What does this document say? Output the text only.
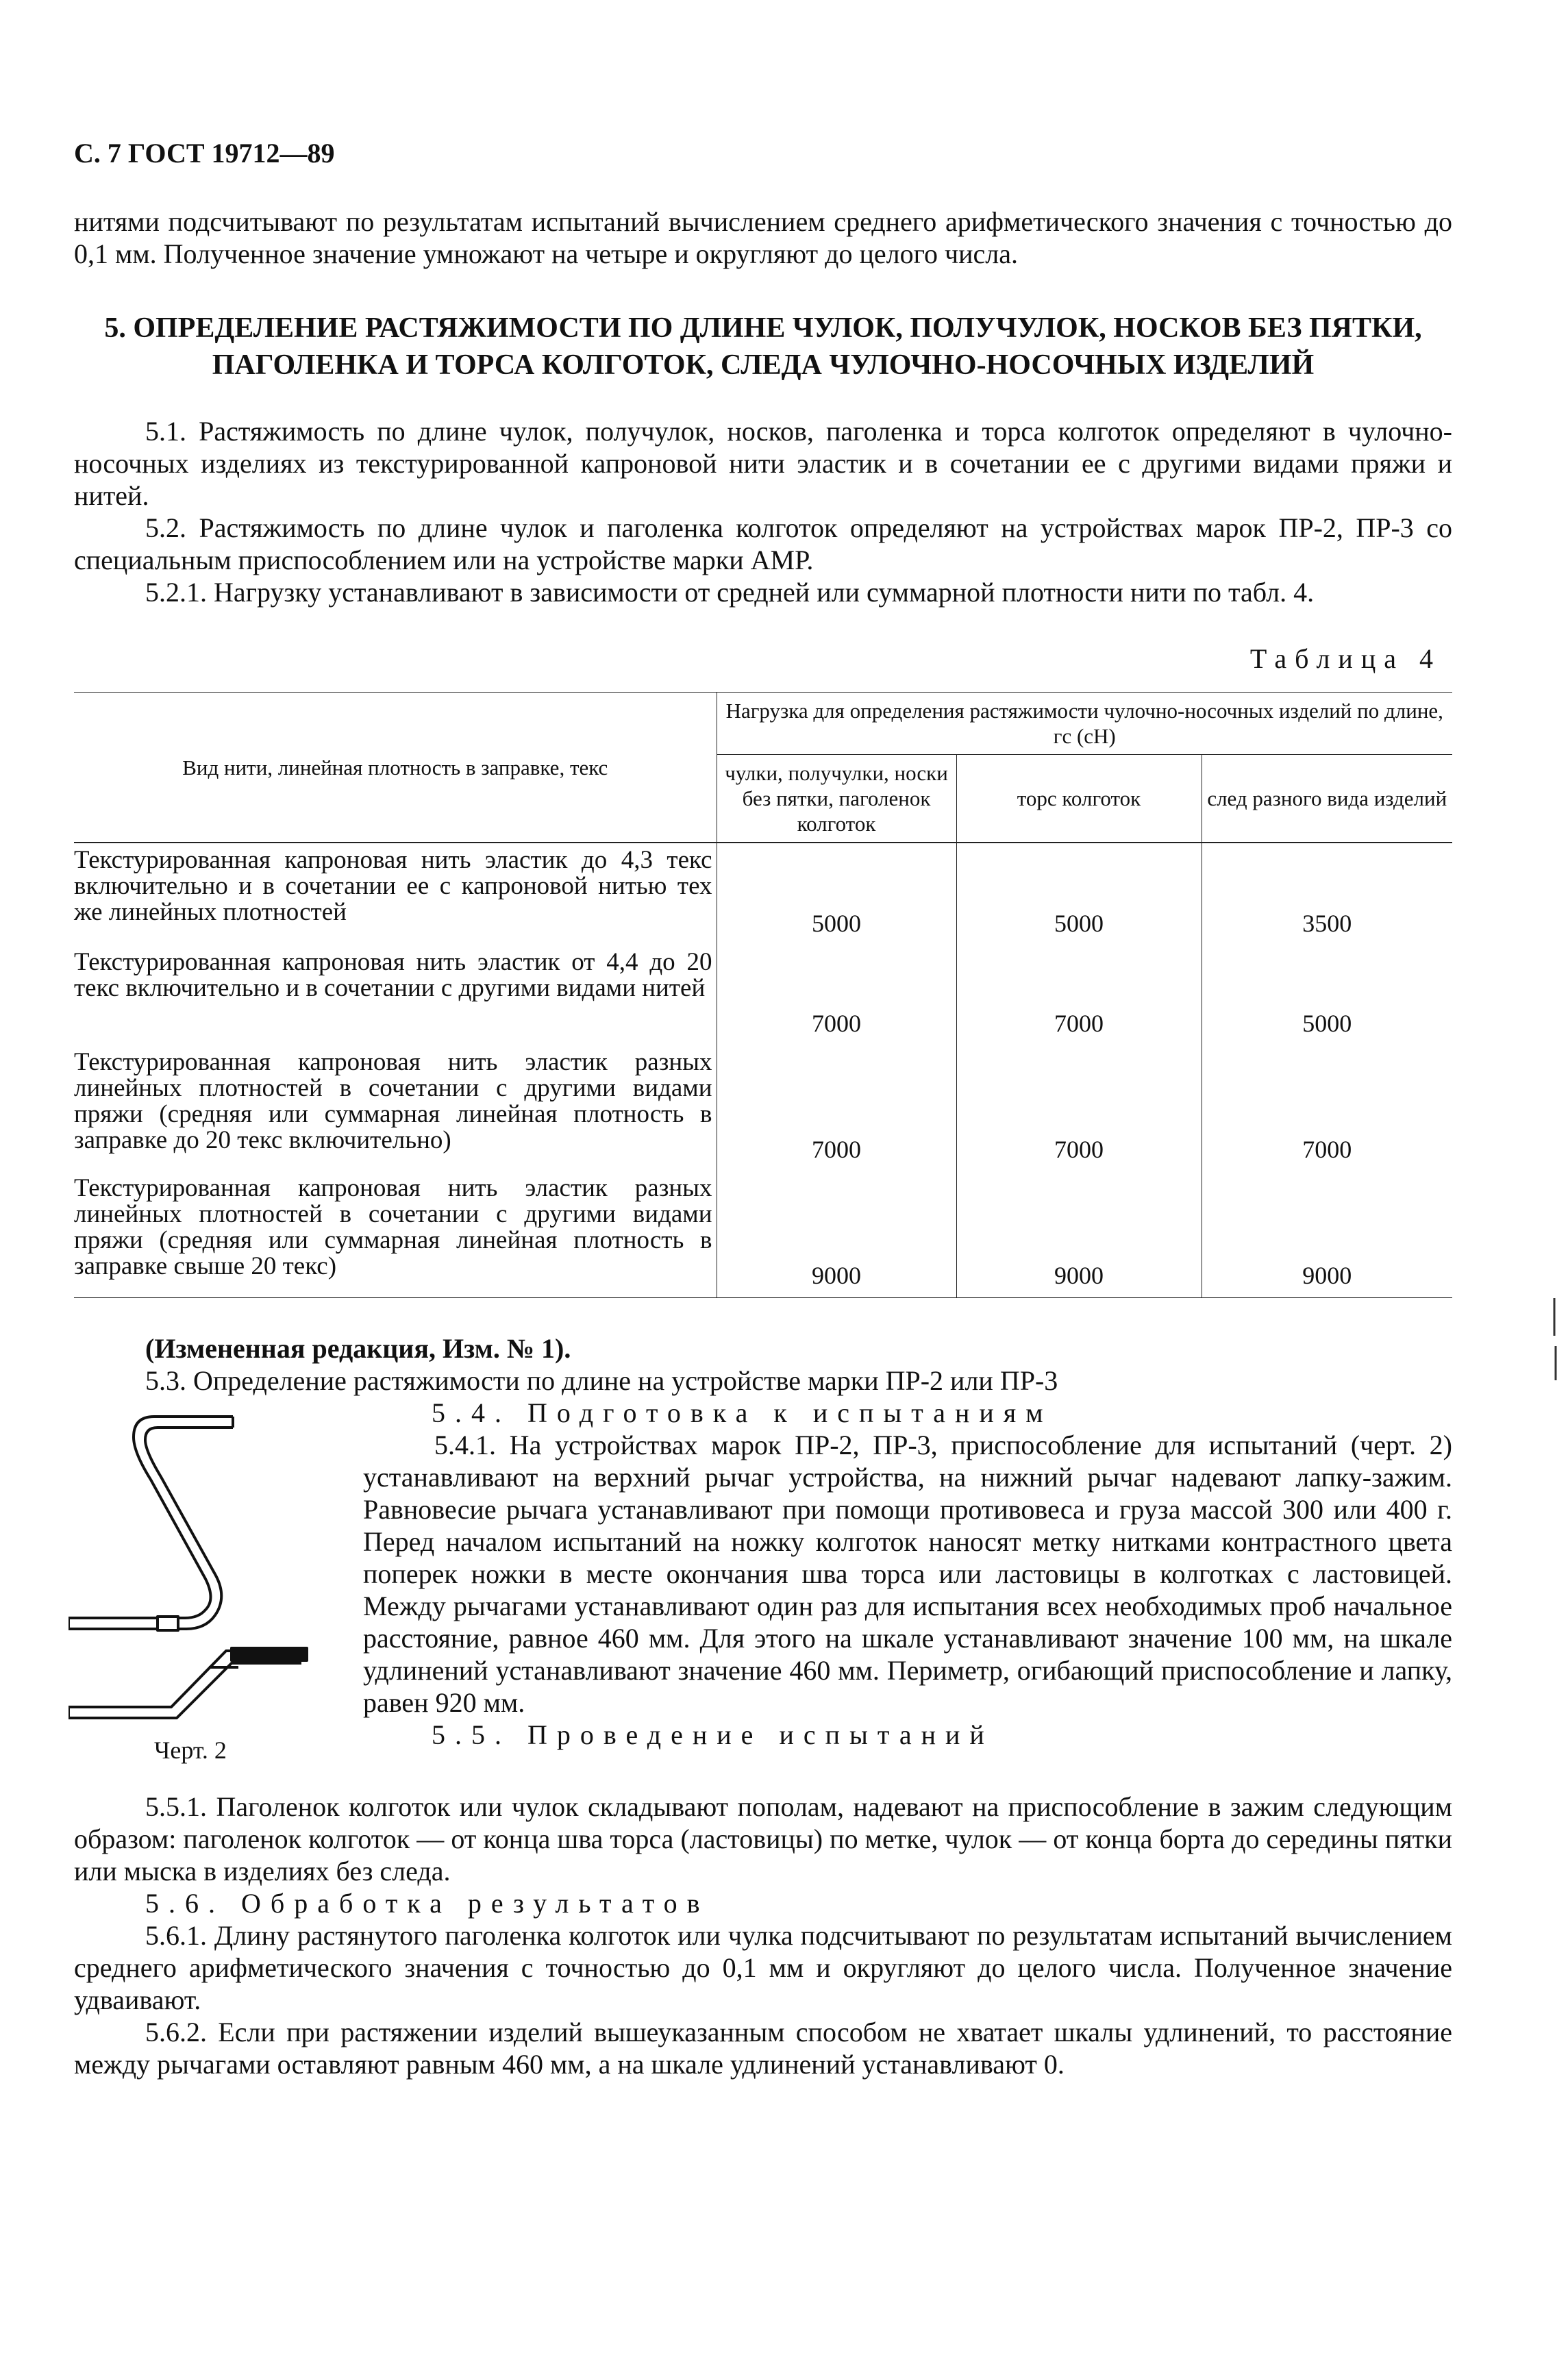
С. 7 ГОСТ 19712—89

нитями подсчитывают по результатам испытаний вычислением среднего арифметического значения с точностью до 0,1 мм. Полученное значение умножают на четыре и округляют до целого числа.

5. ОПРЕДЕЛЕНИЕ РАСТЯЖИМОСТИ ПО ДЛИНЕ ЧУЛОК, ПОЛУЧУЛОК, НОСКОВ БЕЗ ПЯТКИ, ПАГОЛЕНКА И ТОРСА КОЛГОТОК, СЛЕДА ЧУЛОЧНО-НОСОЧНЫХ ИЗДЕЛИЙ

5.1. Растяжимость по длине чулок, получулок, носков, паголенка и торса колготок определяют в чулочно-носочных изделиях из текстурированной капроновой нити эластик и в сочетании ее с другими видами пряжи и нитей.

5.2. Растяжимость по длине чулок и паголенка колготок определяют на устройствах марок ПР-2, ПР-3 со специальным приспособлением или на устройстве марки АМР.

5.2.1. Нагрузку устанавливают в зависимости от средней или суммарной плотности нити по табл. 4.

Таблица 4
Вид нити, линейная плотность в заправке, текс	Нагрузка для определения растяжимости чулочно-носочных изделий по длине, гс (сН)		
	чулки, получулки, носки без пятки, паголенок колготок	торс колготок	след разного вида изделий
Текстурированная капроновая нить эластик до 4,3 текс включительно и в сочетании ее с капроновой нитью тех же линейных плотностей	5000	5000	3500
Текстурированная капроновая нить эластик от 4,4 до 20 текс включительно и в сочетании с другими видами нитей	7000	7000	5000
Текстурированная капроновая нить эластик разных линейных плотностей в сочетании с другими видами пряжи (средняя или суммарная линейная плотность в заправке до 20 текс включительно)	7000	7000	7000
Текстурированная капроновая нить эластик разных линейных плотностей в сочетании с другими видами пряжи (средняя или суммарная линейная плотность в заправке свыше 20 текс)	9000	9000	9000

(Измененная редакция, Изм. № 1).

5.3. Определение растяжимости по длине на устройстве марки ПР-2 или ПР-3

5.4. Подготовка к испытаниям

5.4.1. На устройствах марок ПР-2, ПР-3, приспособление для испытаний (черт. 2) устанавливают на верхний рычаг устройства, на нижний рычаг надевают лапку-зажим. Равновесие рычага устанавливают при помощи противовеса и груза массой 300 или 400 г. Перед началом испытаний на ножку колготок наносят метку нитками контрастного цвета поперек ножки в месте окончания шва торса или ластовицы в колготках с ластовицей. Между рычагами устанавливают один раз для испытания всех необходимых проб начальное расстояние, равное 460 мм. Для этого на шкале устанавливают значение 100 мм, на шкале удлинений устанавливают значение 460 мм. Периметр, огибающий приспособление и лапку, равен 920 мм.

5.5. Проведение испытаний

Черт. 2

5.5.1. Паголенок колготок или чулок складывают пополам, надевают на приспособление в зажим следующим образом: паголенок колготок — от конца шва торса (ластовицы) по метке, чулок — от конца борта до середины пятки или мыска в изделиях без следа.

5.6. Обработка результатов

5.6.1. Длину растянутого паголенка колготок или чулка подсчитывают по результатам испытаний вычислением среднего арифметического значения с точностью до 0,1 мм и округляют до целого числа. Полученное значение удваивают.

5.6.2. Если при растяжении изделий вышеуказанным способом не хватает шкалы удлинений, то расстояние между рычагами оставляют равным 460 мм, а на шкале удлинений устанавливают 0.
